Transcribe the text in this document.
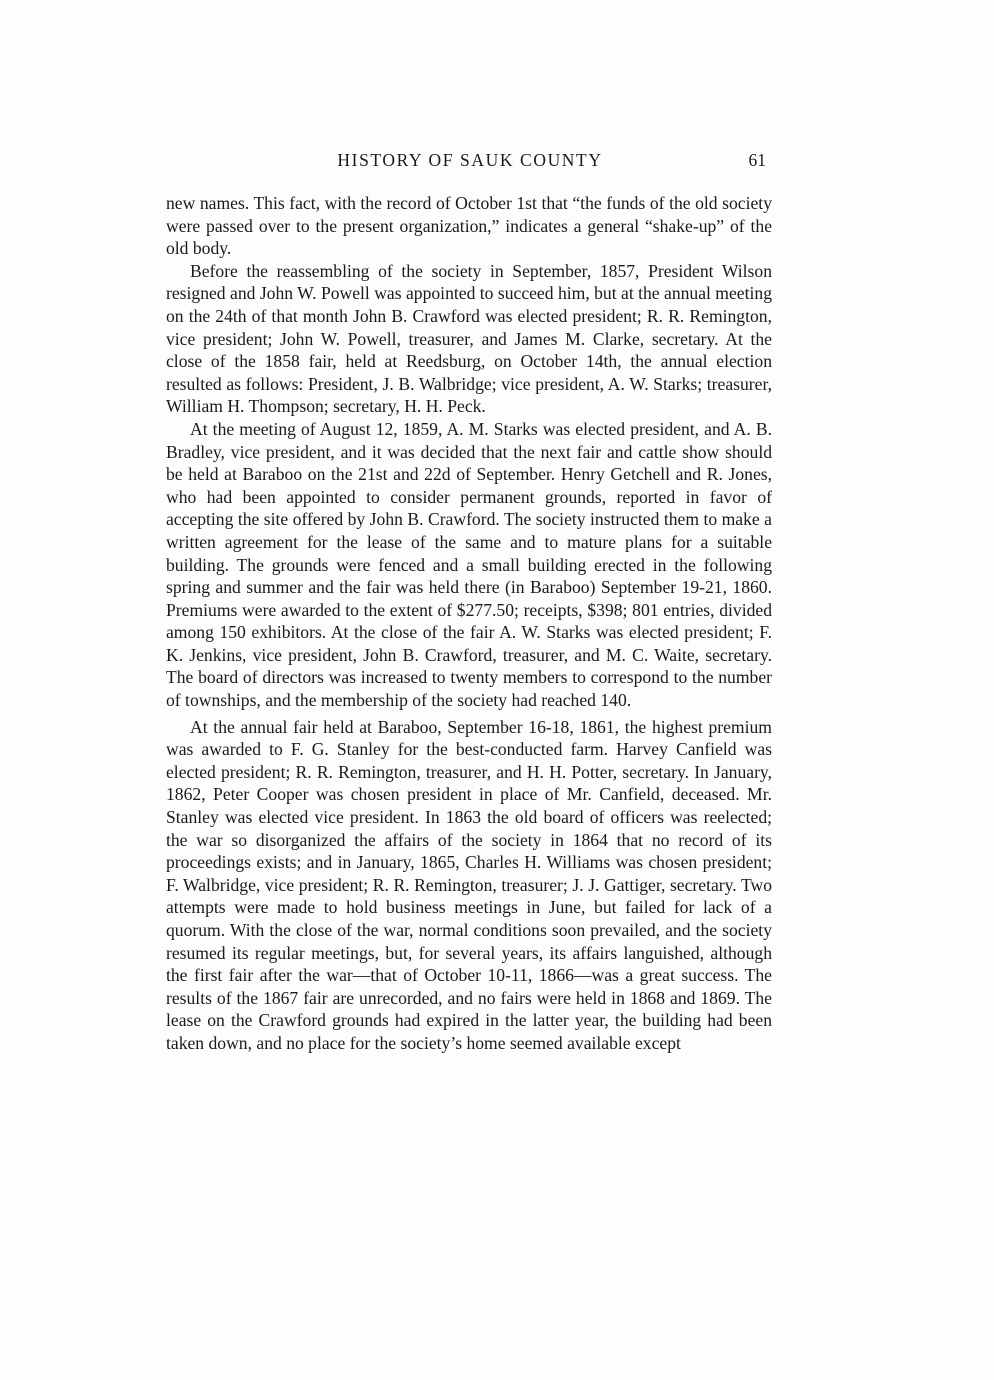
HISTORY OF SAUK COUNTY	61

new names. This fact, with the record of October 1st that “the funds of the old society were passed over to the present organization,” indicates a general “shake-up” of the old body.

Before the reassembling of the society in September, 1857, President Wilson resigned and John W. Powell was appointed to succeed him, but at the annual meeting on the 24th of that month John B. Crawford was elected president; R. R. Remington, vice president; John W. Powell, treasurer, and James M. Clarke, secretary. At the close of the 1858 fair, held at Reedsburg, on October 14th, the annual election resulted as follows: President, J. B. Walbridge; vice president, A. W. Starks; treasurer, William H. Thompson; secretary, H. H. Peck.

At the meeting of August 12, 1859, A. M. Starks was elected president, and A. B. Bradley, vice president, and it was decided that the next fair and cattle show should be held at Baraboo on the 21st and 22d of September. Henry Getchell and R. Jones, who had been appointed to consider permanent grounds, reported in favor of accepting the site offered by John B. Crawford. The society instructed them to make a written agreement for the lease of the same and to mature plans for a suitable building. The grounds were fenced and a small building erected in the following spring and summer and the fair was held there (in Baraboo) September 19-21, 1860. Premiums were awarded to the extent of $277.50; receipts, $398; 801 entries, divided among 150 exhibitors. At the close of the fair A. W. Starks was elected president; F. K. Jenkins, vice president, John B. Crawford, treasurer, and M. C. Waite, secretary. The board of directors was increased to twenty members to correspond to the number of townships, and the membership of the society had reached 140.

At the annual fair held at Baraboo, September 16-18, 1861, the highest premium was awarded to F. G. Stanley for the best-conducted farm. Harvey Canfield was elected president; R. R. Remington, treasurer, and H. H. Potter, secretary. In January, 1862, Peter Cooper was chosen president in place of Mr. Canfield, deceased. Mr. Stanley was elected vice president. In 1863 the old board of officers was reelected; the war so disorganized the affairs of the society in 1864 that no record of its proceedings exists; and in January, 1865, Charles H. Williams was chosen president; F. Walbridge, vice president; R. R. Remington, treasurer; J. J. Gattiger, secretary. Two attempts were made to hold business meetings in June, but failed for lack of a quorum. With the close of the war, normal conditions soon prevailed, and the society resumed its regular meetings, but, for several years, its affairs languished, although the first fair after the war—that of October 10-11, 1866—was a great success. The results of the 1867 fair are unrecorded, and no fairs were held in 1868 and 1869. The lease on the Crawford grounds had expired in the latter year, the building had been taken down, and no place for the society’s home seemed available except
